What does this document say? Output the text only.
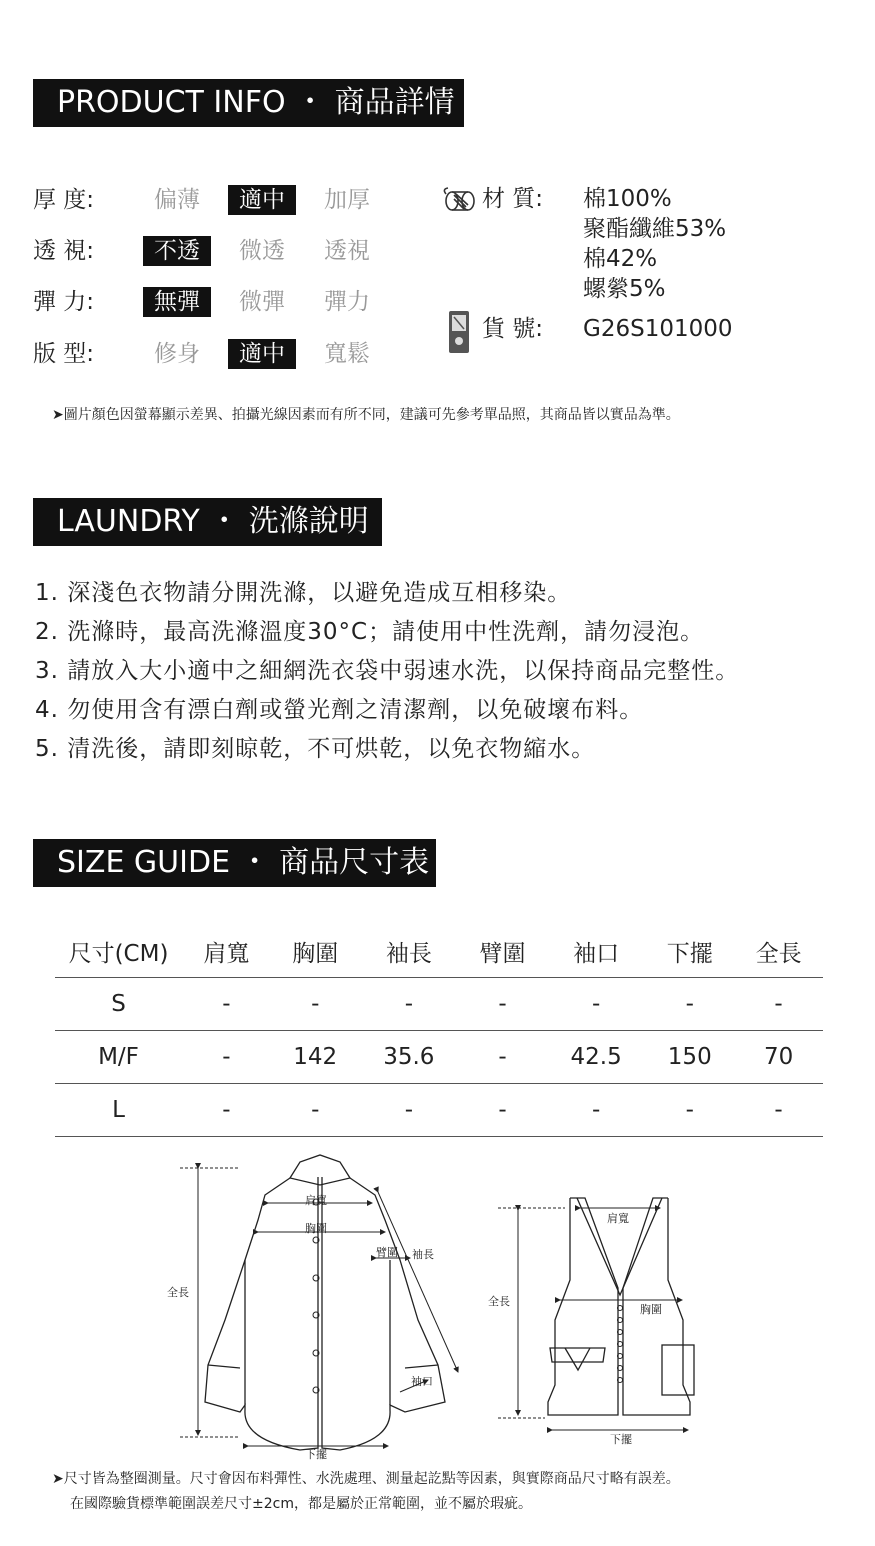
PRODUCT INFO ・ 商品詳情
厚 度:	偏薄	適中	加厚
透 視:	不透	微透	透視
彈 力:	無彈	微彈	彈力
版 型:	修身	適中	寬鬆
材 質: 棉100%
聚酯纖維53%
棉42%
螺縈5%
貨 號: G26S101000
➤圖片顏色因螢幕顯示差異、拍攝光線因素而有所不同，建議可先參考單品照，其商品皆以實品為準。
LAUNDRY ・ 洗滌說明
1. 深淺色衣物請分開洗滌，以避免造成互相移染。
2. 洗滌時，最高洗滌溫度30°C；請使用中性洗劑，請勿浸泡。
3. 請放入大小適中之細網洗衣袋中弱速水洗，以保持商品完整性。
4. 勿使用含有漂白劑或螢光劑之清潔劑，以免破壞布料。
5. 清洗後，請即刻晾乾，不可烘乾，以免衣物縮水。
SIZE GUIDE ・ 商品尺寸表
尺寸(CM)	肩寬	胸圍	袖長	臂圍	袖口	下擺	全長
S	-	-	-	-	-	-	-
M/F	-	142	35.6	-	42.5	150	70
L	-	-	-	-	-	-	-
肩寬
胸圍
臂圍 袖長
全長
袖口
下擺
肩寬
胸圍
全長
下擺
➤尺寸皆為整圈測量。尺寸會因布料彈性、水洗處理、測量起訖點等因素，與實際商品尺寸略有誤差。
在國際驗貨標準範圍誤差尺寸±2cm，都是屬於正常範圍，並不屬於瑕疵。
